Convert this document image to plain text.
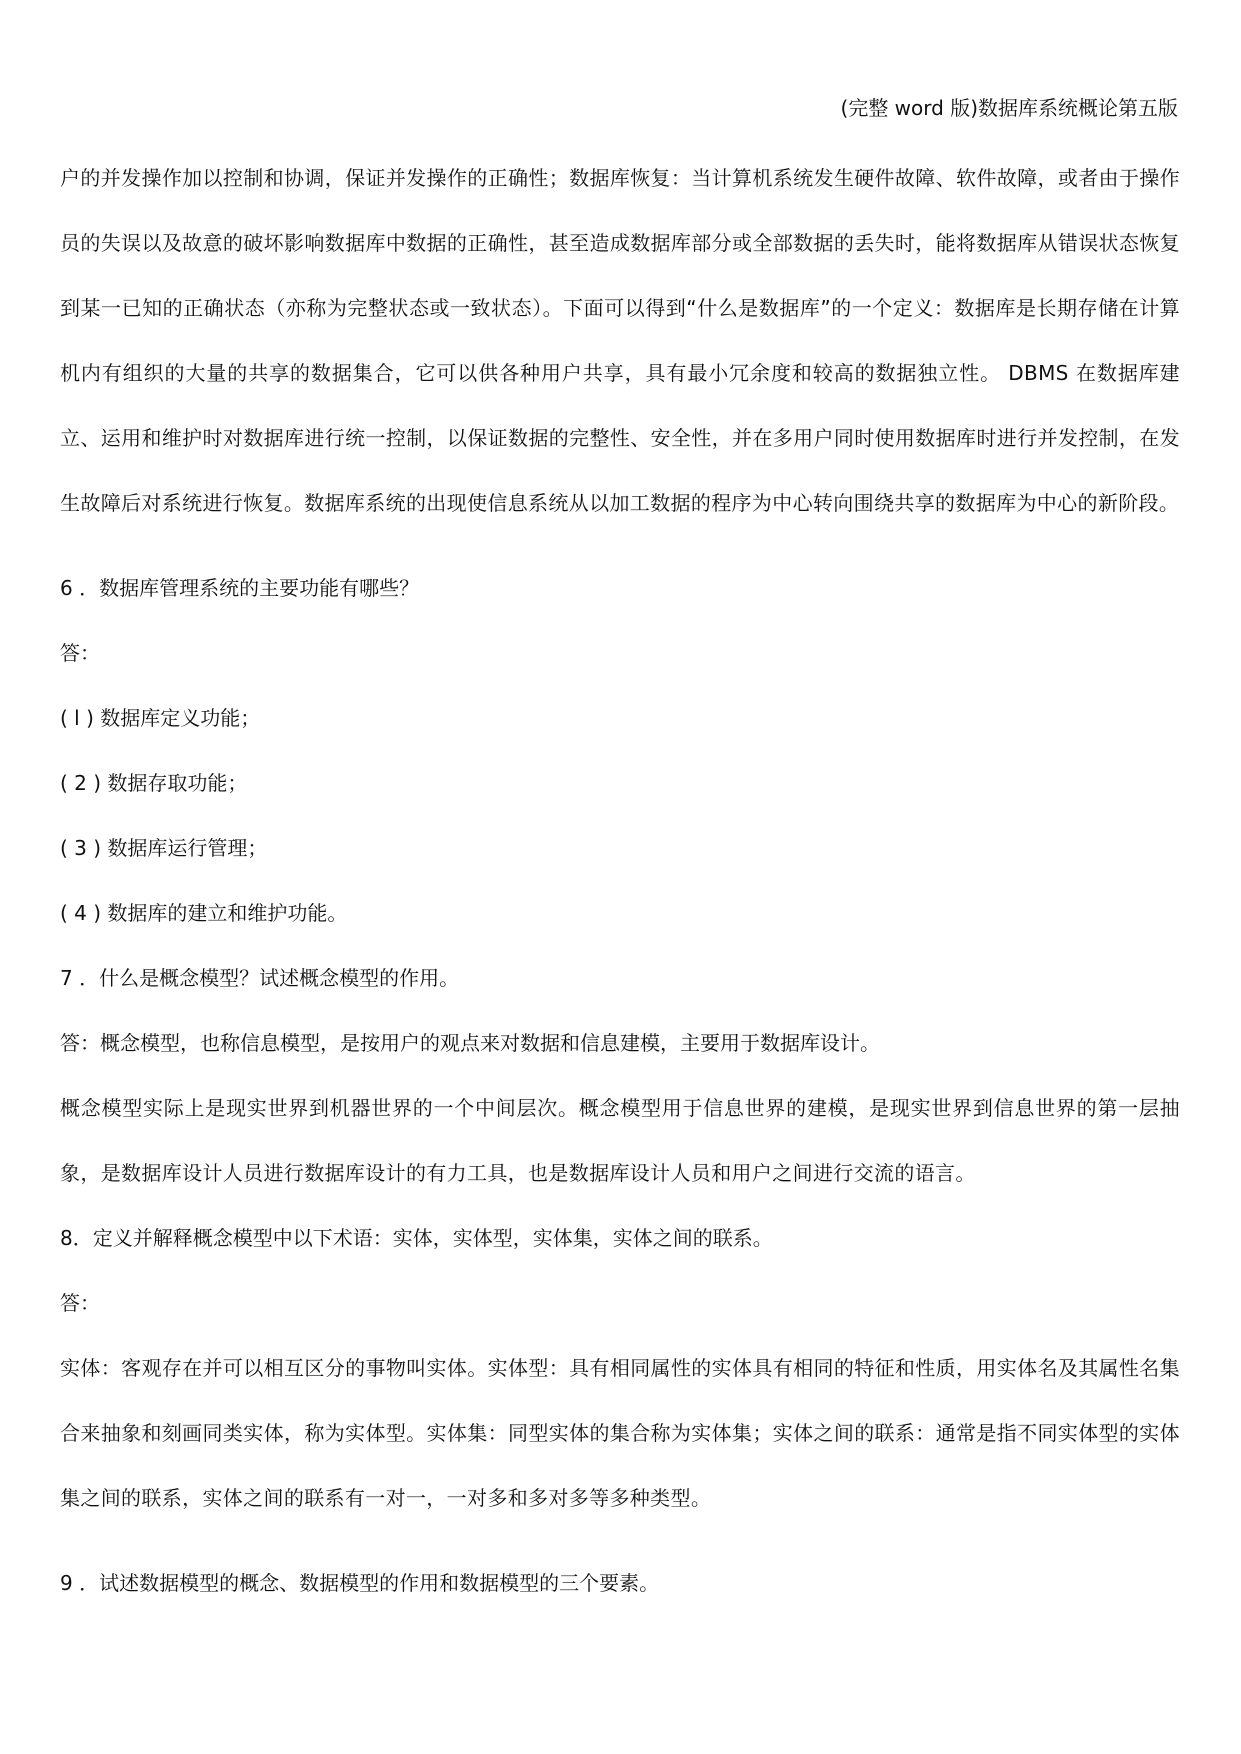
(完整 word 版)数据库系统概论第五版

户的并发操作加以控制和协调，保证并发操作的正确性；数据库恢复：当计算机系统发生硬件故障、软件故障，或者由于操作员的失误以及故意的破坏影响数据库中数据的正确性，甚至造成数据库部分或全部数据的丢失时，能将数据库从错误状态恢复到某一已知的正确状态（亦称为完整状态或一致状态）。下面可以得到“什么是数据库”的一个定义：数据库是长期存储在计算机内有组织的大量的共享的数据集合，它可以供各种用户共享，具有最小冗余度和较高的数据独立性。 DBMS 在数据库建立、运用和维护时对数据库进行统一控制，以保证数据的完整性、安全性，并在多用户同时使用数据库时进行并发控制，在发生故障后对系统进行恢复。数据库系统的出现使信息系统从以加工数据的程序为中心转向围绕共享的数据库为中心的新阶段。

6 ．数据库管理系统的主要功能有哪些？

答：

( l ) 数据库定义功能；

( 2 ) 数据存取功能；

( 3 ) 数据库运行管理；

( 4 ) 数据库的建立和维护功能。

7 ．什么是概念模型？试述概念模型的作用。

答：概念模型，也称信息模型，是按用户的观点来对数据和信息建模，主要用于数据库设计。

概念模型实际上是现实世界到机器世界的一个中间层次。概念模型用于信息世界的建模，是现实世界到信息世界的第一层抽象，是数据库设计人员进行数据库设计的有力工具，也是数据库设计人员和用户之间进行交流的语言。

8．定义并解释概念模型中以下术语：实体，实体型，实体集，实体之间的联系。

答：

实体：客观存在并可以相互区分的事物叫实体。实体型：具有相同属性的实体具有相同的特征和性质，用实体名及其属性名集合来抽象和刻画同类实体，称为实体型。实体集：同型实体的集合称为实体集；实体之间的联系：通常是指不同实体型的实体集之间的联系，实体之间的联系有一对一，一对多和多对多等多种类型。

9 ．试述数据模型的概念、数据模型的作用和数据模型的三个要素。
